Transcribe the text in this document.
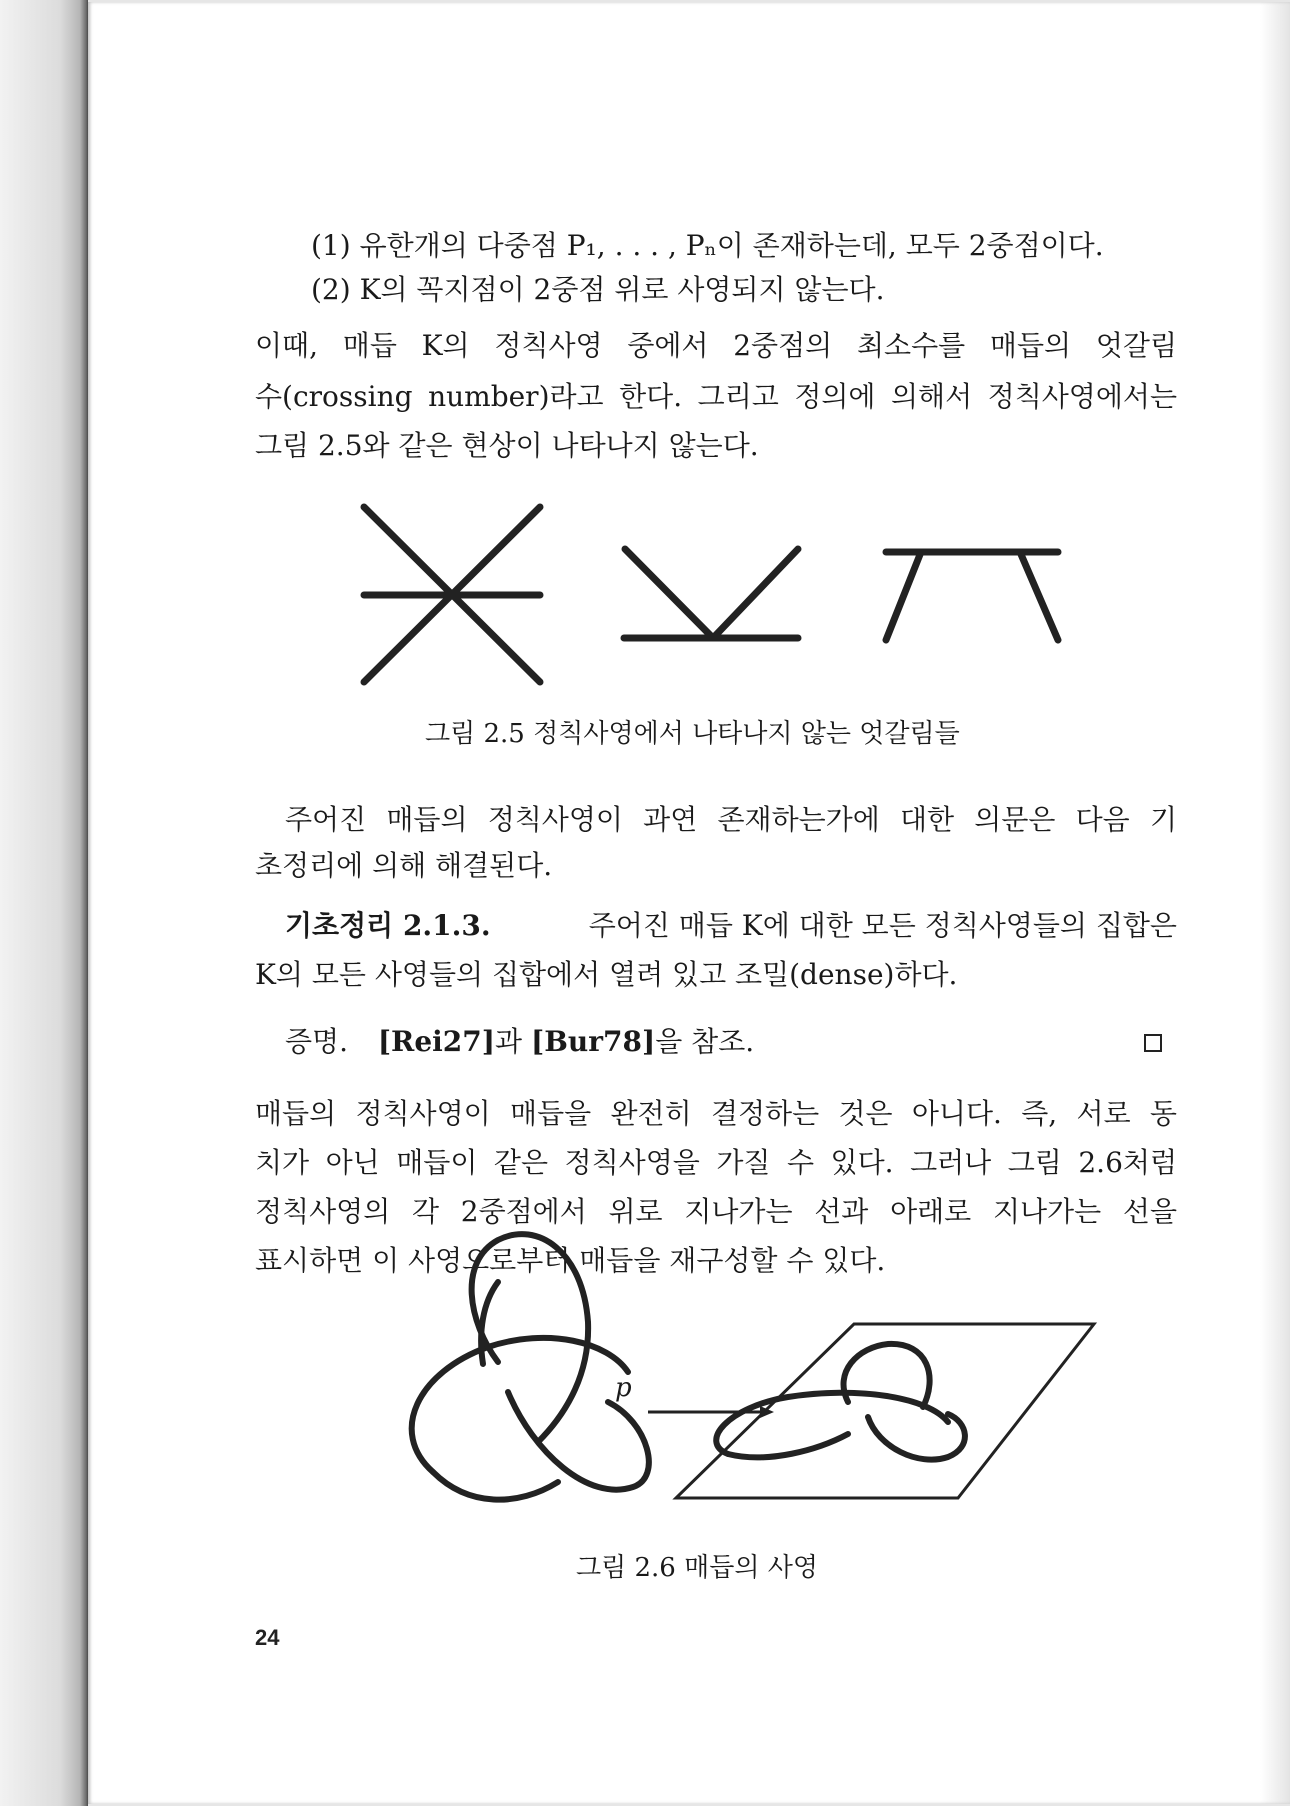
(1) 유한개의 다중점 P₁, . . . , Pₙ이 존재하는데, 모두 2중점이다.
(2) K의 꼭지점이 2중점 위로 사영되지 않는다.
이때, 매듭 K의 정칙사영 중에서 2중점의 최소수를 매듭의 엇갈림
수(crossing number)라고 한다. 그리고 정의에 의해서 정칙사영에서는
그림 2.5와 같은 현상이 나타나지 않는다.
그림 2.5 정칙사영에서 나타나지 않는 엇갈림들
주어진 매듭의 정칙사영이 과연 존재하는가에 대한 의문은 다음 기
초정리에 의해 해결된다.
기초정리 2.1.3.	주어진 매듭 K에 대한 모든 정칙사영들의 집합은
K의 모든 사영들의 집합에서 열려 있고 조밀(dense)하다.
증명. [Rei27]과 [Bur78]을 참조.
매듭의 정칙사영이 매듭을 완전히 결정하는 것은 아니다. 즉, 서로 동
치가 아닌 매듭이 같은 정칙사영을 가질 수 있다. 그러나 그림 2.6처럼
정칙사영의 각 2중점에서 위로 지나가는 선과 아래로 지나가는 선을
표시하면 이 사영으로부터 매듭을 재구성할 수 있다.
p
그림 2.6 매듭의 사영
24
